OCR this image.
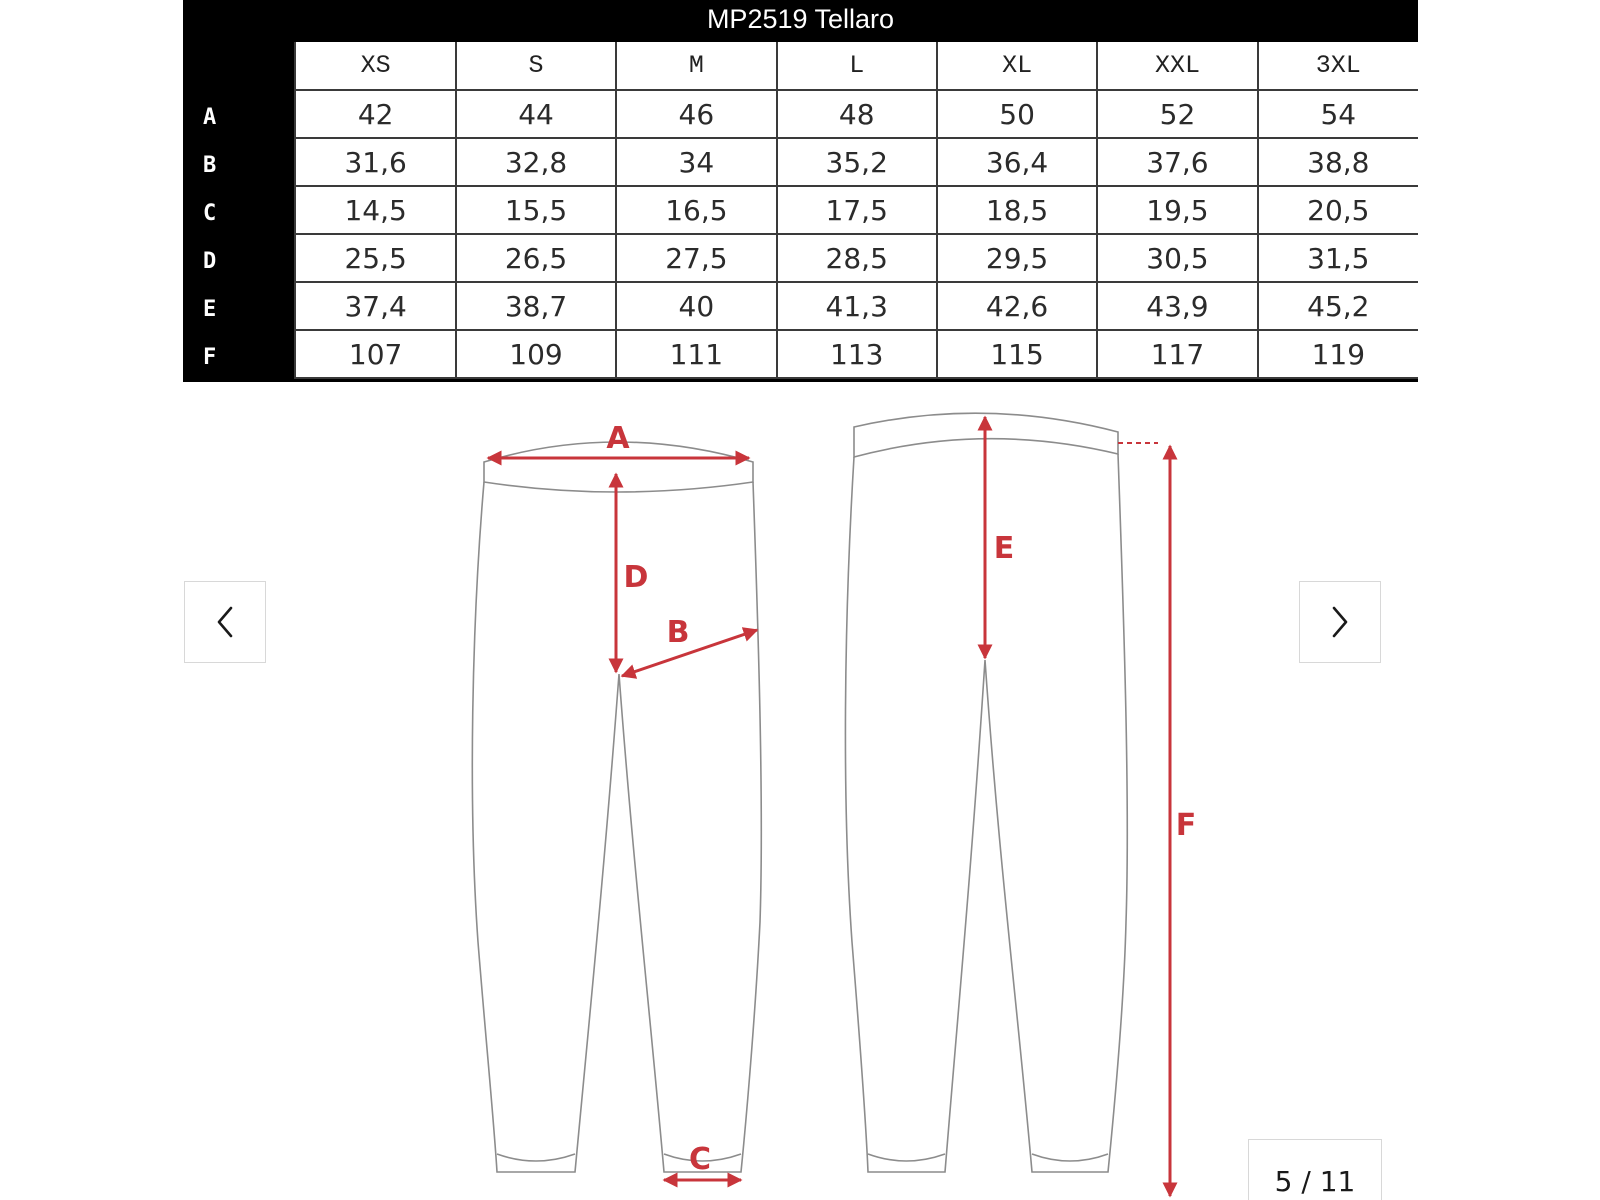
MP2519 Tellaro
	XS	S	M	L	XL	XXL	3XL
A	42	44	46	48	50	52	54
B	31,6	32,8	34	35,2	36,4	37,6	38,8
C	14,5	15,5	16,5	17,5	18,5	19,5	20,5
D	25,5	26,5	27,5	28,5	29,5	30,5	31,5
E	37,4	38,7	40	41,3	42,6	43,9	45,2
F	107	109	111	113	115	117	119
A
D
B
C
E
F
5 / 11
